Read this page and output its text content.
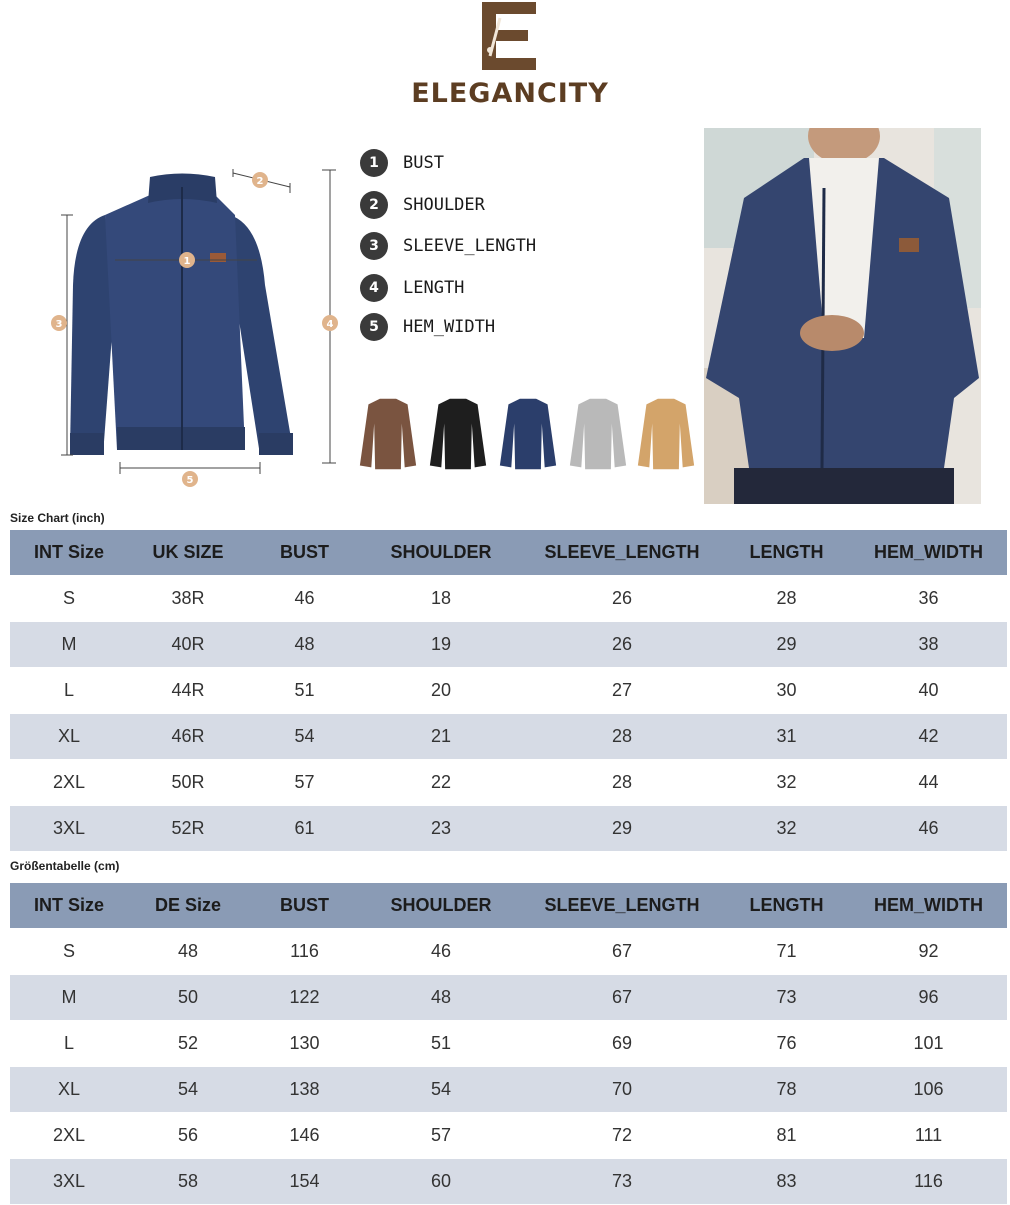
ELEGANCITY
1
2
3	4
5
1	BUST
2	SHOULDER
3	SLEEVE_LENGTH
4	LENGTH
5	HEM_WIDTH
Size Chart (inch)
INT Size	UK SIZE	BUST	SHOULDER	SLEEVE_LENGTH	LENGTH	HEM_WIDTH
S	38R	46	18	26	28	36
M	40R	48	19	26	29	38
L	44R	51	20	27	30	40
XL	46R	54	21	28	31	42
2XL	50R	57	22	28	32	44
3XL	52R	61	23	29	32	46
Größentabelle (cm)
INT Size	DE Size	BUST	SHOULDER	SLEEVE_LENGTH	LENGTH	HEM_WIDTH
S	48	116	46	67	71	92
M	50	122	48	67	73	96
L	52	130	51	69	76	101
XL	54	138	54	70	78	106
2XL	56	146	57	72	81	111
3XL	58	154	60	73	83	116
